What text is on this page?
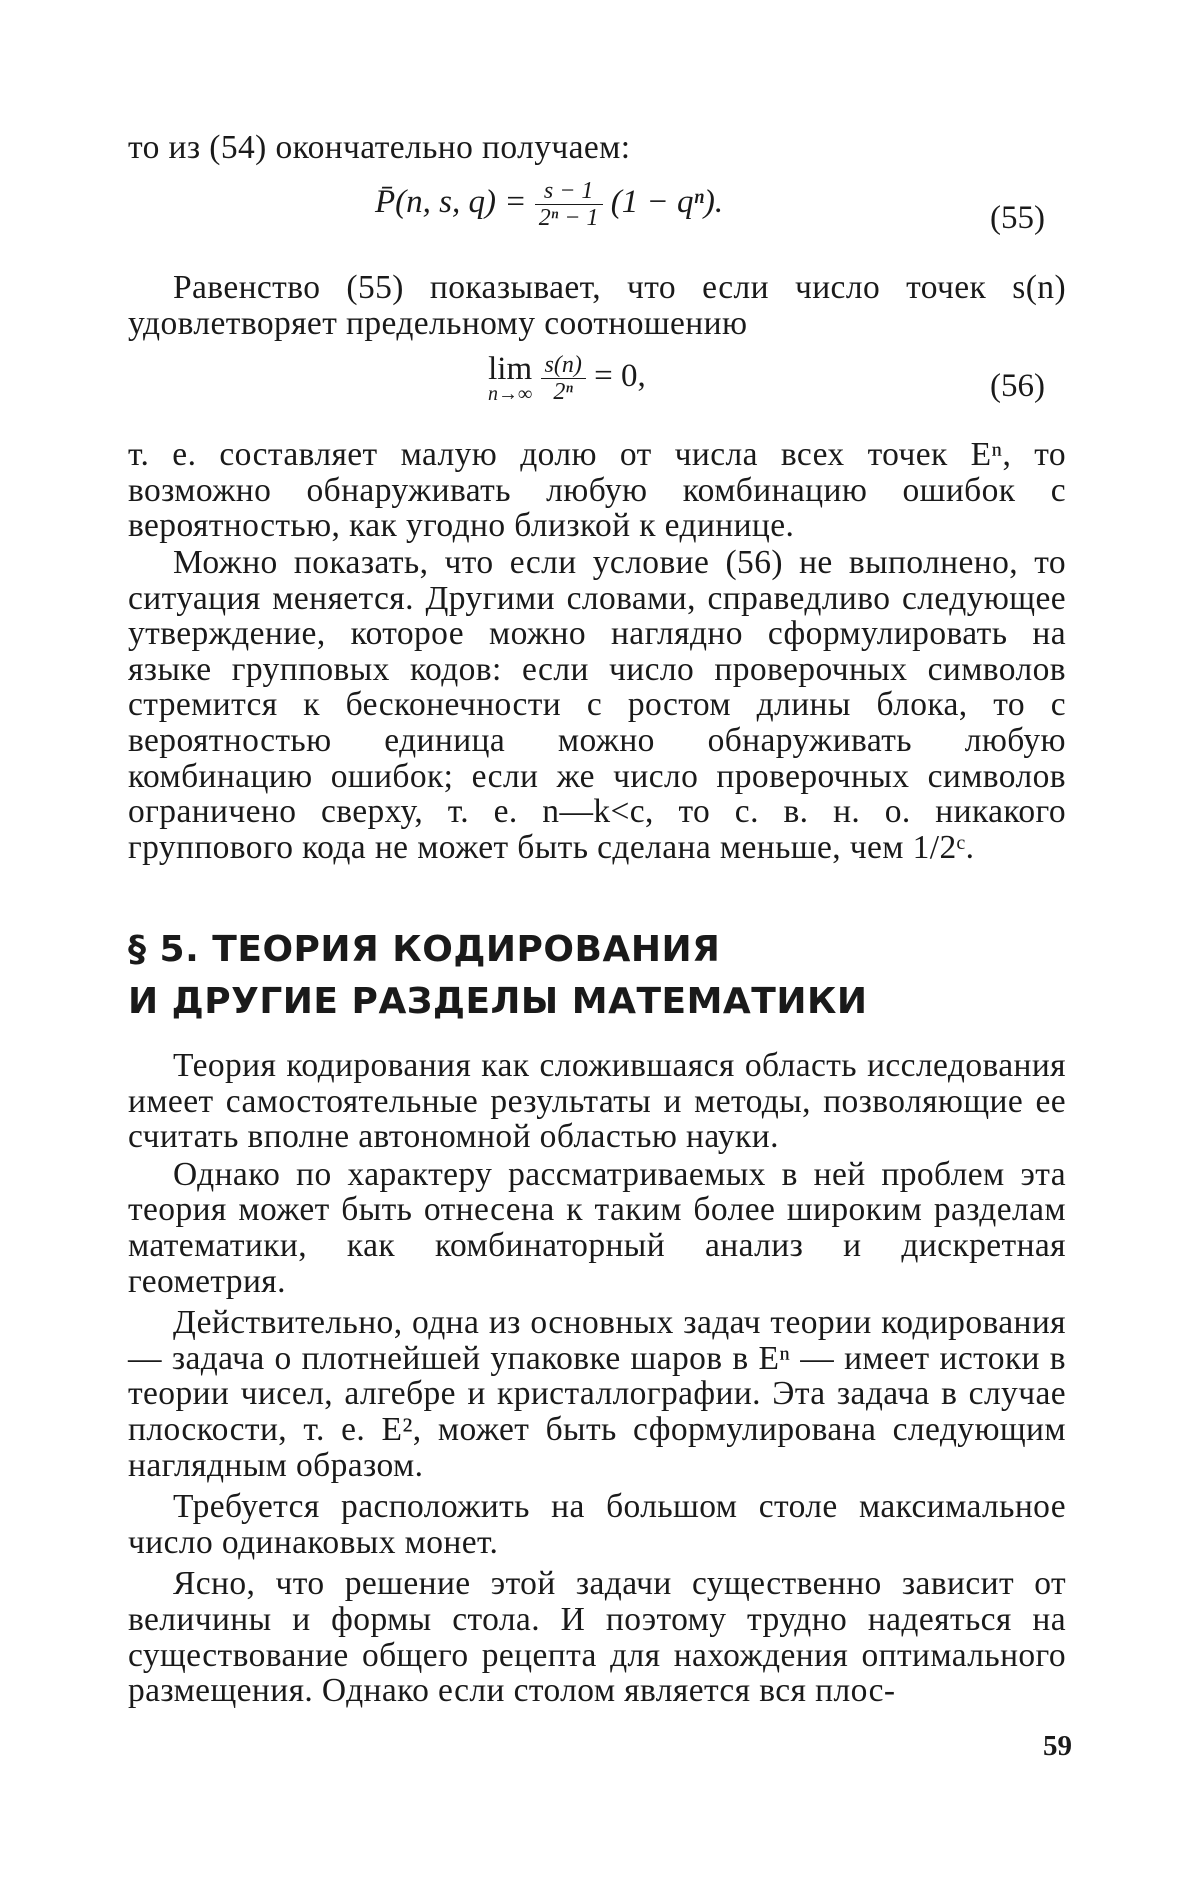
то из (54) окончательно получаем:

P̄(n, s, $q) = \frac{s - 1}{\text{2ⁿ − 1}} (1 - q^n)$.	(55)

Равенство (55) показывает, что если число точек s(n) удовлетворяет предельному соотношению

lim
n→∞
$\frac{s(n)}{\text{2ⁿ}} = 0$,	(56)

т. е. составляет малую долю от числа всех точек Eⁿ, то возможно обнаруживать любую комбинацию ошибок с вероятностью, как угодно близкой к единице.

Можно показать, что если условие (56) не выполнено, то ситуация меняется. Другими словами, справедливо следующее утверждение, которое можно наглядно сформулировать на языке групповых кодов: если число проверочных символов стремится к бесконечности с ростом длины блока, то с вероятностью единица можно обнаруживать любую комбинацию ошибок; если же число проверочных символов ограничено сверху, т. е. n—k<c, то с. в. н. о. никакого группового кода не может быть сделана меньше, чем 1/2ᶜ.

§ 5. ТЕОРИЯ КОДИРОВАНИЯ
И ДРУГИЕ РАЗДЕЛЫ МАТЕМАТИКИ

Теория кодирования как сложившаяся область исследования имеет самостоятельные результаты и методы, позволяющие ее считать вполне автономной областью науки.

Однако по характеру рассматриваемых в ней проблем эта теория может быть отнесена к таким более широким разделам математики, как комбинаторный анализ и дискретная геометрия.

Действительно, одна из основных задач теории кодирования — задача о плотнейшей упаковке шаров в Eⁿ — имеет истоки в теории чисел, алгебре и кристаллографии. Эта задача в случае плоскости, т. е. E², может быть сформулирована следующим наглядным образом.

Требуется расположить на большом столе максимальное число одинаковых монет.

Ясно, что решение этой задачи существенно зависит от величины и формы стола. И поэтому трудно надеяться на существование общего рецепта для нахождения оптимального размещения. Однако если столом является вся плос-

59
